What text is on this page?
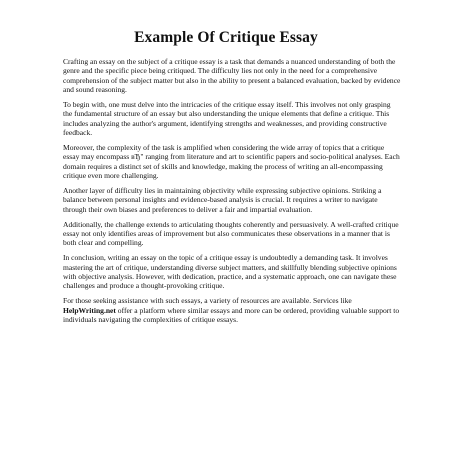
Example Of Critique Essay

Crafting an essay on the subject of a critique essay is a task that demands a nuanced understanding of both the genre and the specific piece being critiqued. The difficulty lies not only in the need for a comprehensive comprehension of the subject matter but also in the ability to present a balanced evaluation, backed by evidence and sound reasoning.

To begin with, one must delve into the intricacies of the critique essay itself. This involves not only grasping the fundamental structure of an essay but also understanding the unique elements that define a critique. This includes analyzing the author's argument, identifying strengths and weaknesses, and providing constructive feedback.

Moreover, the complexity of the task is amplified when considering the wide array of topics that a critique essay may encompass вЂ" ranging from literature and art to scientific papers and socio-political analyses. Each domain requires a distinct set of skills and knowledge, making the process of writing an all-encompassing critique even more challenging.

Another layer of difficulty lies in maintaining objectivity while expressing subjective opinions. Striking a balance between personal insights and evidence-based analysis is crucial. It requires a writer to navigate through their own biases and preferences to deliver a fair and impartial evaluation.

Additionally, the challenge extends to articulating thoughts coherently and persuasively. A well-crafted critique essay not only identifies areas of improvement but also communicates these observations in a manner that is both clear and compelling.

In conclusion, writing an essay on the topic of a critique essay is undoubtedly a demanding task. It involves mastering the art of critique, understanding diverse subject matters, and skillfully blending subjective opinions with objective analysis. However, with dedication, practice, and a systematic approach, one can navigate these challenges and produce a thought-provoking critique.

For those seeking assistance with such essays, a variety of resources are available. Services like HelpWriting.net offer a platform where similar essays and more can be ordered, providing valuable support to individuals navigating the complexities of critique essays.
